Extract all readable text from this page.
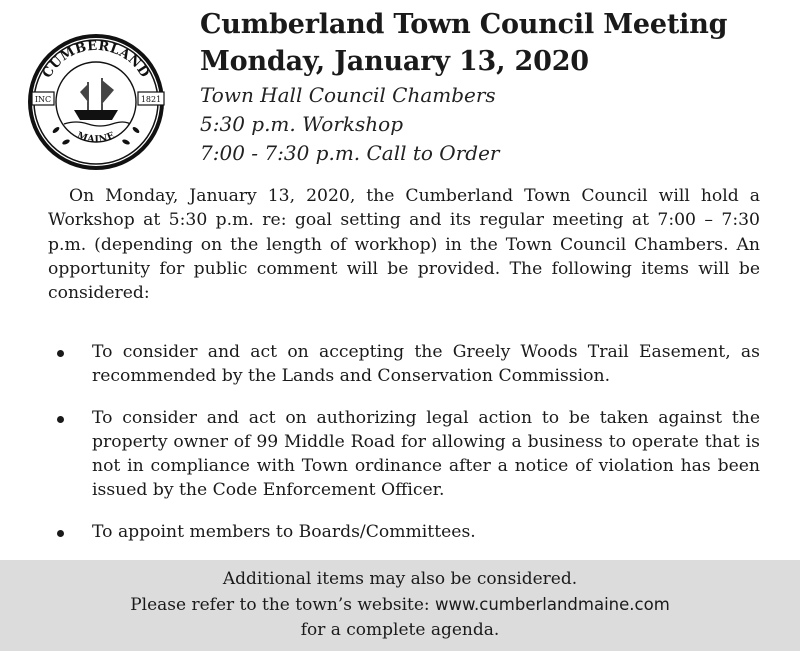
CUMBERLAND
INC	1821
MAINE

Cumberland Town Council Meeting

Monday, January 13, 2020

Town Hall Council Chambers

5:30 p.m. Workshop

7:00 - 7:30 p.m. Call to Order

On Monday, January 13, 2020, the Cumberland Town Council will hold a Workshop at 5:30 p.m. re: goal setting and its regular meeting at 7:00 – 7:30 p.m. (depending on the length of workhop) in the Town Council Chambers. An opportunity for public comment will be provided. The following items will be considered:

To consider and act on accepting the Greely Woods Trail Easement, as recommended by the Lands and Conservation Commission.
To consider and act on authorizing legal action to be taken against the property owner of 99 Middle Road for allowing a business to operate that is not in compliance with Town ordinance after a notice of violation has been issued by the Code Enforcement Officer.
To appoint members to Boards/Committees.

Additional items may also be considered.

Please refer to the town’s website: www.cumberlandmaine.com

for a complete agenda.
